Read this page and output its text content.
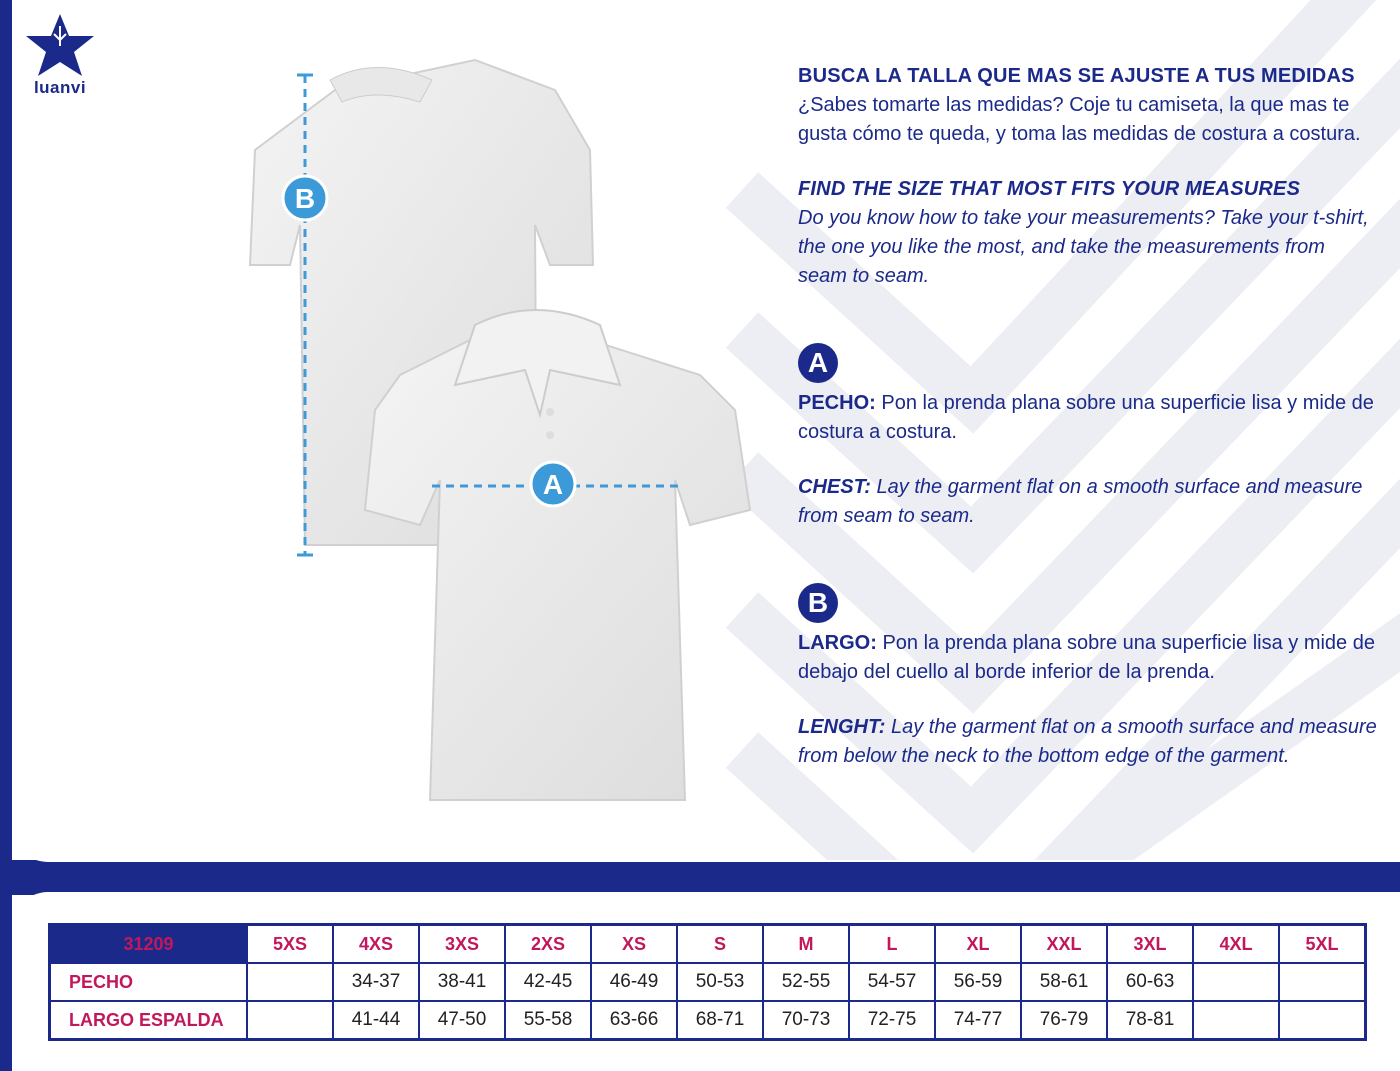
luanvi
B
A

BUSCA LA TALLA QUE MAS SE AJUSTE A TUS MEDIDAS

¿Sabes tomarte las medidas? Coje tu camiseta, la que mas te gusta cómo te queda, y toma las medidas de costura a costura.

FIND THE SIZE THAT MOST FITS YOUR MEASURES

Do you know how to take your measurements? Take your t-shirt, the one you like the most, and take the measurements from seam to seam.

A

PECHO: Pon la prenda plana sobre una superficie lisa y mide de costura a costura.

CHEST: Lay the garment flat on a smooth surface and measure from seam to seam.

B

LARGO: Pon la prenda plana sobre una superficie lisa y mide de debajo del cuello al borde inferior de la prenda.

LENGHT: Lay the garment flat on a smooth surface and measure from below the neck to the bottom edge of the garment.

31209	5XS	4XS	3XS	2XS	XS	S	M	L	XL	XXL	3XL	4XL	5XL
PECHO		34-37	38-41	42-45	46-49	50-53	52-55	54-57	56-59	58-61	60-63		
LARGO ESPALDA		41-44	47-50	55-58	63-66	68-71	70-73	72-75	74-77	76-79	78-81		
